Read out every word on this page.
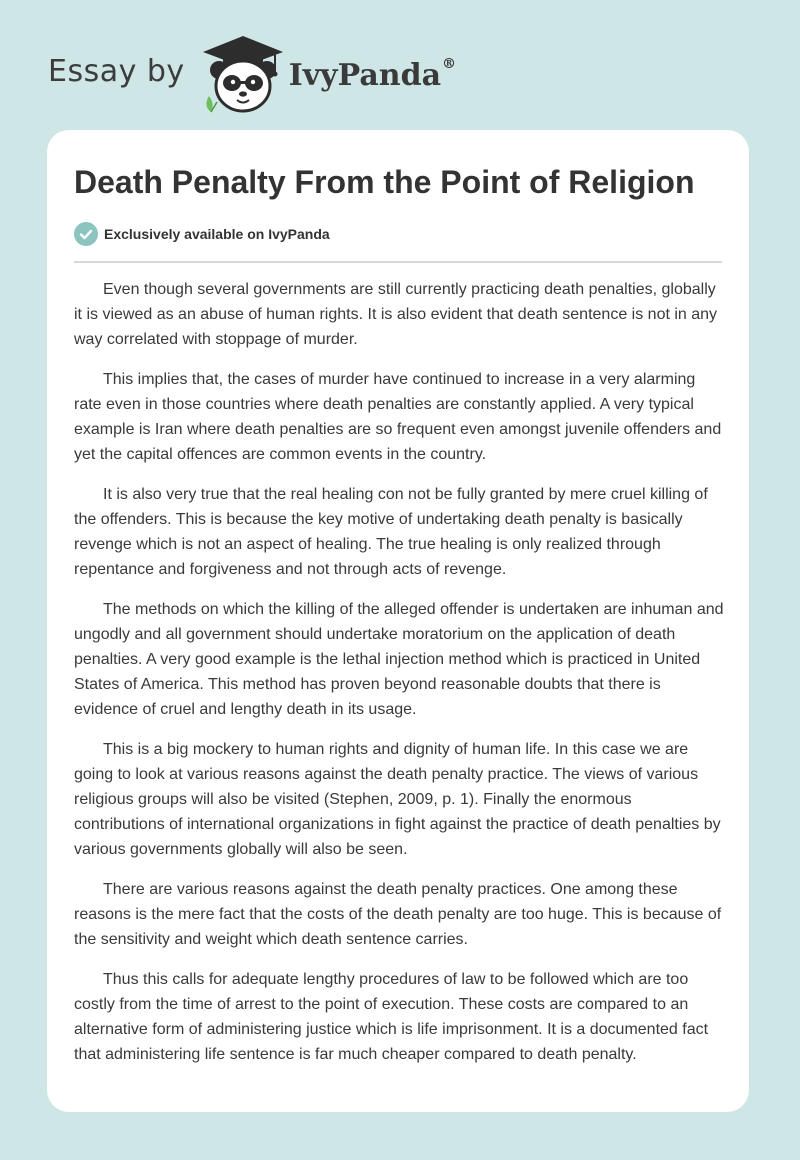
Essay by	IvyPanda®
Death Penalty From the Point of Religion
Exclusively available on IvyPanda

Even though several governments are still currently practicing death penalties, globally it is viewed as an abuse of human rights. It is also evident that death sentence is not in any way correlated with stoppage of murder.

This implies that, the cases of murder have continued to increase in a very alarming rate even in those countries where death penalties are constantly applied. A very typical example is Iran where death penalties are so frequent even amongst juvenile offenders and yet the capital offences are common events in the country.

It is also very true that the real healing con not be fully granted by mere cruel killing of the offenders. This is because the key motive of undertaking death penalty is basically revenge which is not an aspect of healing. The true healing is only realized through repentance and forgiveness and not through acts of revenge.

The methods on which the killing of the alleged offender is undertaken are inhuman and ungodly and all government should undertake moratorium on the application of death penalties. A very good example is the lethal injection method which is practiced in United States of America. This method has proven beyond reasonable doubts that there is evidence of cruel and lengthy death in its usage.

This is a big mockery to human rights and dignity of human life. In this case we are going to look at various reasons against the death penalty practice. The views of various religious groups will also be visited (Stephen, 2009, p. 1). Finally the enormous contributions of international organizations in fight against the practice of death penalties by various governments globally will also be seen.

There are various reasons against the death penalty practices. One among these reasons is the mere fact that the costs of the death penalty are too huge. This is because of the sensitivity and weight which death sentence carries.

Thus this calls for adequate lengthy procedures of law to be followed which are too costly from the time of arrest to the point of execution. These costs are compared to an alternative form of administering justice which is life imprisonment. It is a documented fact that administering life sentence is far much cheaper compared to death penalty.
